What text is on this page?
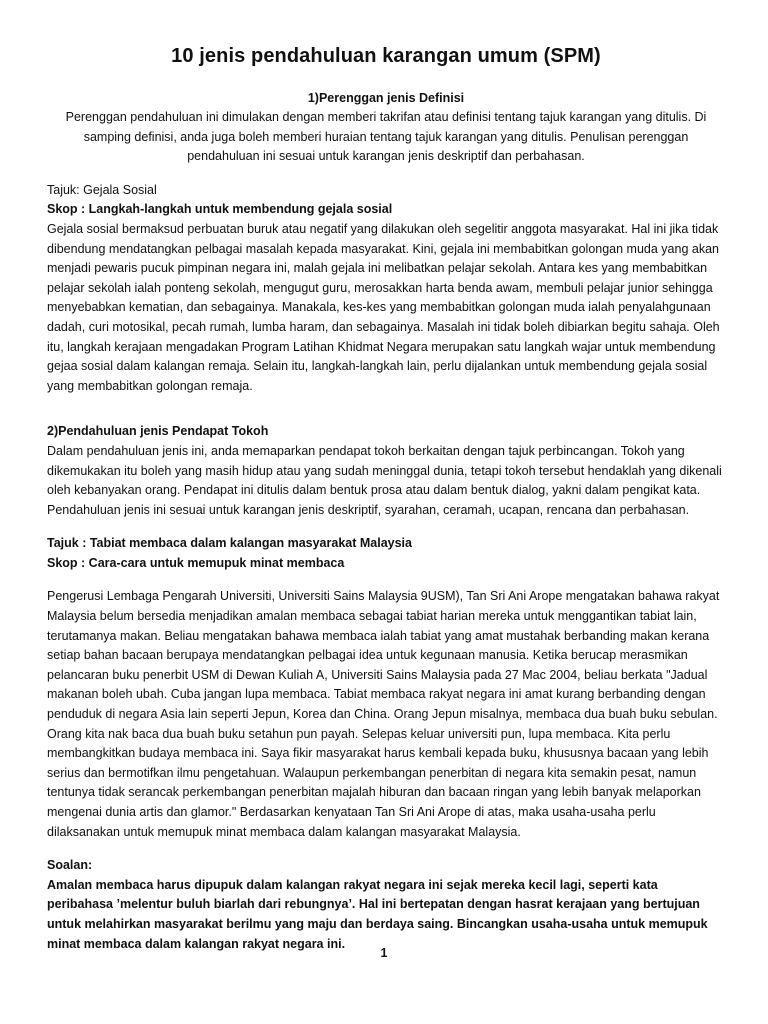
10 jenis pendahuluan karangan umum (SPM)

1)Perenggan jenis Definisi

Perenggan pendahuluan ini dimulakan dengan memberi takrifan atau definisi tentang tajuk karangan yang ditulis. Di samping definisi, anda juga boleh memberi huraian tentang tajuk karangan yang ditulis. Penulisan perenggan pendahuluan ini sesuai untuk karangan jenis deskriptif dan perbahasan.

Tajuk: Gejala Sosial

Skop : Langkah-langkah untuk membendung gejala sosial

Gejala sosial bermaksud perbuatan buruk atau negatif yang dilakukan oleh segelitir anggota masyarakat. Hal ini jika tidak dibendung mendatangkan pelbagai masalah kepada masyarakat. Kini, gejala ini membabitkan golongan muda yang akan menjadi pewaris pucuk pimpinan negara ini, malah gejala ini melibatkan pelajar sekolah. Antara kes yang membabitkan pelajar sekolah ialah ponteng sekolah, mengugut guru, merosakkan harta benda awam, membuli pelajar junior sehingga menyebabkan kematian, dan sebagainya. Manakala, kes-kes yang membabitkan golongan muda ialah penyalahgunaan dadah, curi motosikal, pecah rumah, lumba haram, dan sebagainya. Masalah ini tidak boleh dibiarkan begitu sahaja. Oleh itu, langkah kerajaan mengadakan Program Latihan Khidmat Negara merupakan satu langkah wajar untuk membendung gejaa sosial dalam kalangan remaja. Selain itu, langkah-langkah lain, perlu dijalankan untuk membendung gejala sosial yang membabitkan golongan remaja.

2)Pendahuluan jenis Pendapat Tokoh

Dalam pendahuluan jenis ini, anda memaparkan pendapat tokoh berkaitan dengan tajuk perbincangan. Tokoh yang dikemukakan itu boleh yang masih hidup atau yang sudah meninggal dunia, tetapi tokoh tersebut hendaklah yang dikenali oleh kebanyakan orang. Pendapat ini ditulis dalam bentuk prosa atau dalam bentuk dialog, yakni dalam pengikat kata. Pendahuluan jenis ini sesuai untuk karangan jenis deskriptif, syarahan, ceramah, ucapan, rencana dan perbahasan.

Tajuk : Tabiat membaca dalam kalangan masyarakat Malaysia

Skop : Cara-cara untuk memupuk minat membaca

Pengerusi Lembaga Pengarah Universiti, Universiti Sains Malaysia 9USM), Tan Sri Ani Arope mengatakan bahawa rakyat Malaysia belum bersedia menjadikan amalan membaca sebagai tabiat harian mereka untuk menggantikan tabiat lain, terutamanya makan. Beliau mengatakan bahawa membaca ialah tabiat yang amat mustahak berbanding makan kerana setiap bahan bacaan berupaya mendatangkan pelbagai idea untuk kegunaan manusia. Ketika berucap merasmikan pelancaran buku penerbit USM di Dewan Kuliah A, Universiti Sains Malaysia pada 27 Mac 2004, beliau berkata "Jadual makanan boleh ubah. Cuba jangan lupa membaca. Tabiat membaca rakyat negara ini amat kurang berbanding dengan penduduk di negara Asia lain seperti Jepun, Korea dan China. Orang Jepun misalnya, membaca dua buah buku sebulan. Orang kita nak baca dua buah buku setahun pun payah. Selepas keluar universiti pun, lupa membaca. Kita perlu membangkitkan budaya membaca ini. Saya fikir masyarakat harus kembali kepada buku, khususnya bacaan yang lebih serius dan bermotifkan ilmu pengetahuan. Walaupun perkembangan penerbitan di negara kita semakin pesat, namun tentunya tidak serancak perkembangan penerbitan majalah hiburan dan bacaan ringan yang lebih banyak melaporkan mengenai dunia artis dan glamor." Berdasarkan kenyataan Tan Sri Ani Arope di atas, maka usaha-usaha perlu dilaksanakan untuk memupuk minat membaca dalam kalangan masyarakat Malaysia.

Soalan:

Amalan membaca harus dipupuk dalam kalangan rakyat negara ini sejak mereka kecil lagi, seperti kata peribahasa ’melentur buluh biarlah dari rebungnya’. Hal ini bertepatan dengan hasrat kerajaan yang bertujuan untuk melahirkan masyarakat berilmu yang maju dan berdaya saing. Bincangkan usaha-usaha untuk memupuk minat membaca dalam kalangan rakyat negara ini.

1
